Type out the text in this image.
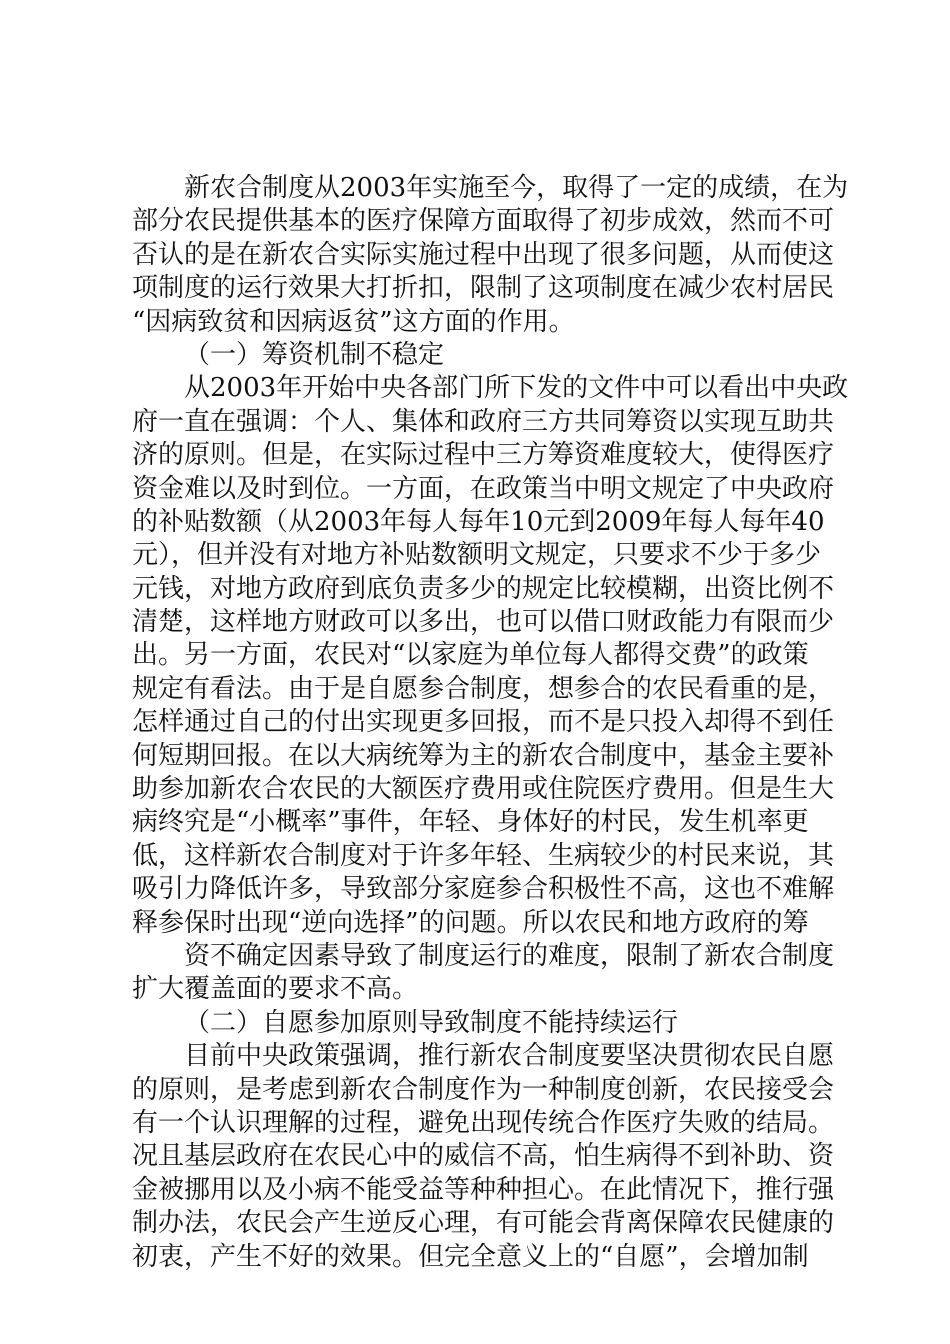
新农合制度从2003年实施至今，取得了一定的成绩，在为
部分农民提供基本的医疗保障方面取得了初步成效，然而不可
否认的是在新农合实际实施过程中出现了很多问题，从而使这
项制度的运行效果大打折扣，限制了这项制度在减少农村居民
“因病致贫和因病返贫”这方面的作用。
（一）筹资机制不稳定
从2003年开始中央各部门所下发的文件中可以看出中央政
府一直在强调：个人、集体和政府三方共同筹资以实现互助共
济的原则。但是，在实际过程中三方筹资难度较大，使得医疗
资金难以及时到位。一方面，在政策当中明文规定了中央政府
的补贴数额（从2003年每人每年10元到2009年每人每年40
元），但并没有对地方补贴数额明文规定，只要求不少于多少
元钱，对地方政府到底负责多少的规定比较模糊，出资比例不
清楚，这样地方财政可以多出，也可以借口财政能力有限而少
出。另一方面，农民对“以家庭为单位每人都得交费”的政策
规定有看法。由于是自愿参合制度，想参合的农民看重的是，
怎样通过自己的付出实现更多回报，而不是只投入却得不到任
何短期回报。在以大病统筹为主的新农合制度中，基金主要补
助参加新农合农民的大额医疗费用或住院医疗费用。但是生大
病终究是“小概率”事件，年轻、身体好的村民，发生机率更
低，这样新农合制度对于许多年轻、生病较少的村民来说，其
吸引力降低许多，导致部分家庭参合积极性不高，这也不难解
释参保时出现“逆向选择”的问题。所以农民和地方政府的筹
资不确定因素导致了制度运行的难度，限制了新农合制度
扩大覆盖面的要求不高。
（二）自愿参加原则导致制度不能持续运行
目前中央政策强调，推行新农合制度要坚决贯彻农民自愿
的原则，是考虑到新农合制度作为一种制度创新，农民接受会
有一个认识理解的过程，避免出现传统合作医疗失败的结局。
况且基层政府在农民心中的威信不高，怕生病得不到补助、资
金被挪用以及小病不能受益等种种担心。在此情况下，推行强
制办法，农民会产生逆反心理，有可能会背离保障农民健康的
初衷，产生不好的效果。但完全意义上的“自愿”，会增加制
